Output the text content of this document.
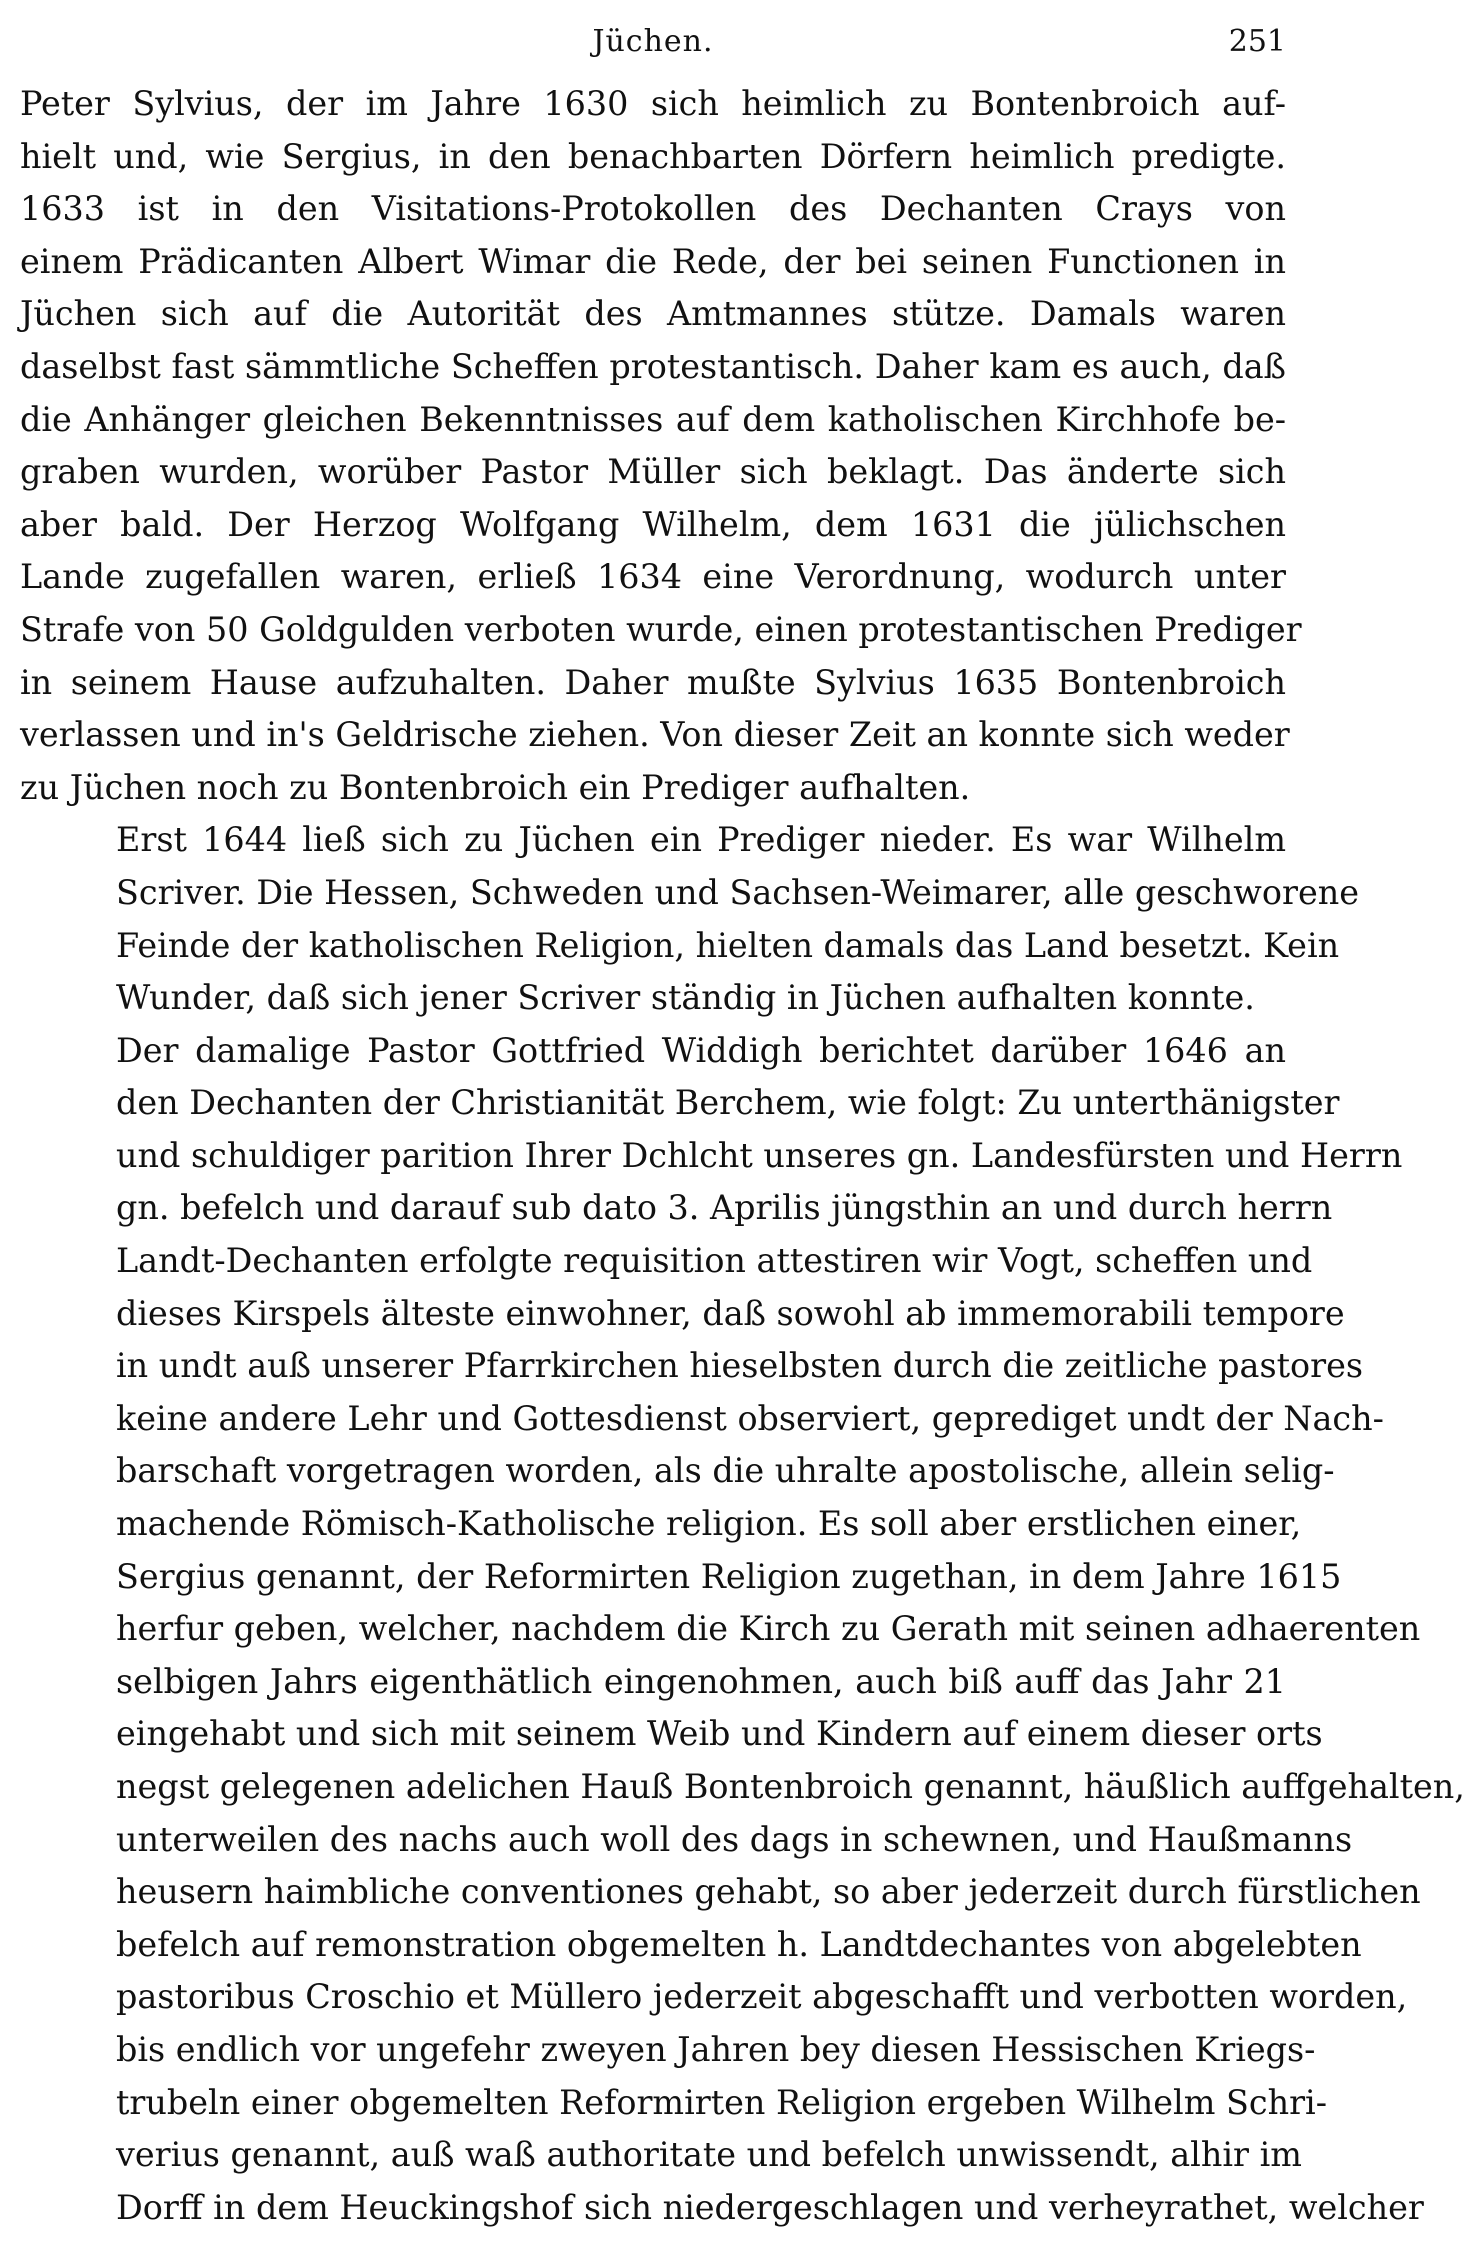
Jüchen.	251
Peter Sylvius, der im Jahre 1630 sich heimlich zu Bontenbroich auf-
hielt und, wie Sergius, in den benachbarten Dörfern heimlich predigte.
1633 ist in den Visitations-Protokollen des Dechanten Crays von
einem Prädicanten Albert Wimar die Rede, der bei seinen Functionen in
Jüchen sich auf die Autorität des Amtmannes stütze. Damals waren
daselbst fast sämmtliche Scheffen protestantisch. Daher kam es auch, daß
die Anhänger gleichen Bekenntnisses auf dem katholischen Kirchhofe be-
graben wurden, worüber Pastor Müller sich beklagt. Das änderte sich
aber bald. Der Herzog Wolfgang Wilhelm, dem 1631 die jülichschen
Lande zugefallen waren, erließ 1634 eine Verordnung, wodurch unter
Strafe von 50 Goldgulden verboten wurde, einen protestantischen Prediger
in seinem Hause aufzuhalten. Daher mußte Sylvius 1635 Bontenbroich
verlassen und in's Geldrische ziehen. Von dieser Zeit an konnte sich weder
zu Jüchen noch zu Bontenbroich ein Prediger aufhalten.
Erst 1644 ließ sich zu Jüchen ein Prediger nieder. Es war Wilhelm
Scriver. Die Hessen, Schweden und Sachsen-Weimarer, alle geschworene
Feinde der katholischen Religion, hielten damals das Land besetzt. Kein
Wunder, daß sich jener Scriver ständig in Jüchen aufhalten konnte.
Der damalige Pastor Gottfried Widdigh berichtet darüber 1646 an
den Dechanten der Christianität Berchem, wie folgt: Zu unterthänigster
und schuldiger parition Ihrer Dchlcht unseres gn. Landesfürsten und Herrn
gn. befelch und darauf sub dato 3. Aprilis jüngsthin an und durch herrn
Landt-Dechanten erfolgte requisition attestiren wir Vogt, scheffen und
dieses Kirspels älteste einwohner, daß sowohl ab immemorabili tempore
in undt auß unserer Pfarrkirchen hieselbsten durch die zeitliche pastores
keine andere Lehr und Gottesdienst observiert, geprediget undt der Nach-
barschaft vorgetragen worden, als die uhralte apostolische, allein selig-
machende Römisch-Katholische religion. Es soll aber erstlichen einer,
Sergius genannt, der Reformirten Religion zugethan, in dem Jahre 1615
herfur geben, welcher, nachdem die Kirch zu Gerath mit seinen adhaerenten
selbigen Jahrs eigenthätlich eingenohmen, auch biß auff das Jahr 21
eingehabt und sich mit seinem Weib und Kindern auf einem dieser orts
negst gelegenen adelichen Hauß Bontenbroich genannt, häußlich auffgehalten,
unterweilen des nachs auch woll des dags in schewnen, und Haußmanns
heusern haimbliche conventiones gehabt, so aber jederzeit durch fürstlichen
befelch auf remonstration obgemelten h. Landtdechantes von abgelebten
pastoribus Croschio et Müllero jederzeit abgeschafft und verbotten worden,
bis endlich vor ungefehr zweyen Jahren bey diesen Hessischen Kriegs-
trubeln einer obgemelten Reformirten Religion ergeben Wilhelm Schri-
verius genannt, auß waß authoritate und befelch unwissendt, alhir im
Dorff in dem Heuckingshof sich niedergeschlagen und verheyrathet, welcher
